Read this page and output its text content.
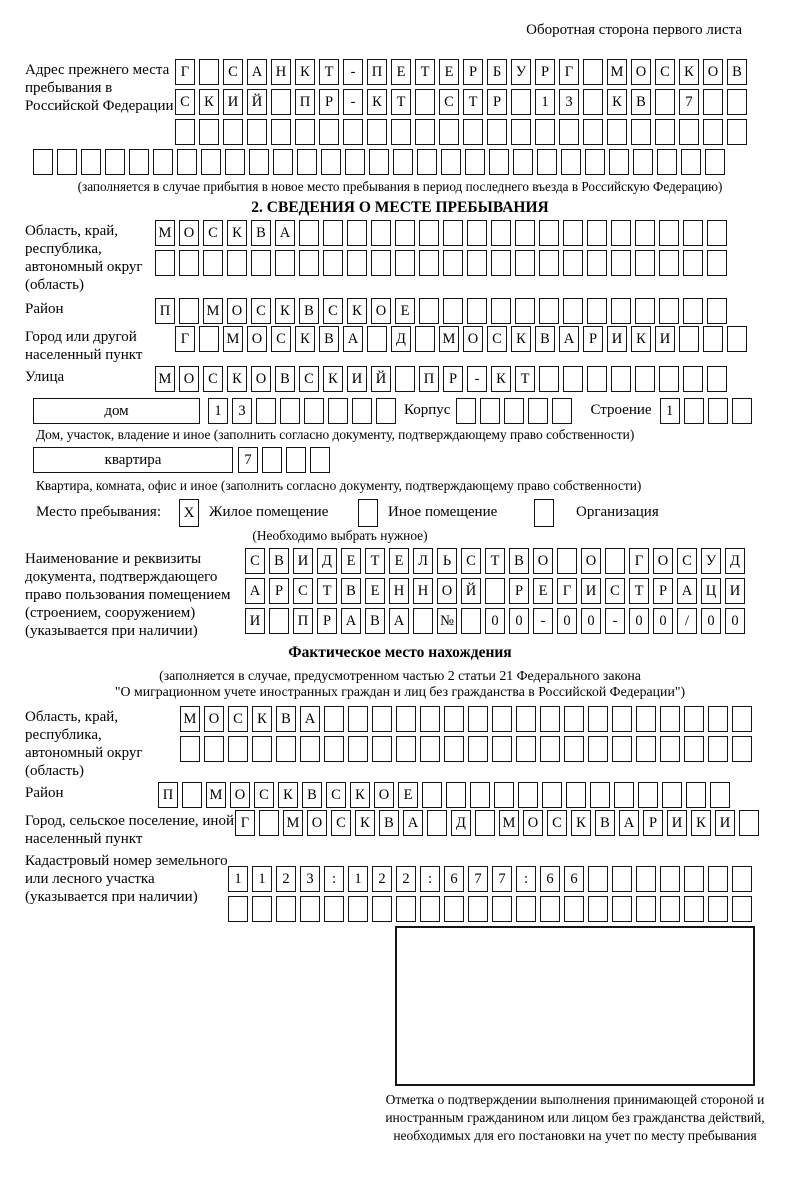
Оборотная сторона первого листа
Адрес прежнего места пребывания в Российской Федерации
Г	С А Н К	Т	-	П Е	Т	Е	Р	Б	У	Р	Г	М О С К О В
С К И Й	П	Р	-	К	Т	С	Т	Р	1	3	К В	7
(заполняется в случае прибытия в новое место пребывания в период последнего въезда в Российскую Федерацию)
2. СВЕДЕНИЯ О МЕСТЕ ПРЕБЫВАНИЯ
Область, край, республика, автономный округ (область)
М О С К В А
Район	П	М О С К В С К О Е
Город или другой населенный пункт
Г	М О С К В А	Д	М О С К В А	Р	И К И
Улица	М О С К О В С К И Й	П	Р	-	К	Т
дом	1	3	Корпус	Строение 1
Дом, участок, владение и иное (заполнить согласно документу, подтверждающему право собственности)
квартира	7
Квартира, комната, офис и иное (заполнить согласно документу, подтверждающему право собственности)
Место пребывания:	X Жилое помещение	Иное помещение	Организация
(Необходимо выбрать нужное)
Наименование и реквизиты документа, подтверждающего право пользования помещением (строением, сооружением) (указывается при наличии)
С В И Д	Е	Т	Е	Л	Ь	С	Т	В О	О	Г	О С У Д
А	Р	С	Т	В	Е Н Н О Й	Р	Е	Г	И С	Т	Р	А Ц И
И	П	Р	А В А	№	0	0	-	0	0	-	0	0	/	0	0
Фактическое место нахождения
(заполняется в случае, предусмотренном частью 2 статьи 21 Федерального закона
"О миграционном учете иностранных граждан и лиц без гражданства в Российской Федерации")
Область, край, республика, автономный округ (область)
М О С К В А
Район	П	М О С К В С К О Е
Город, сельское поселение, иной населенный пункт
Г	М О С К В А	Д	М О С К В А	Р	И К И
Кадастровый номер земельного или лесного участка (указывается при наличии)
1	1	2	3	:	1	2	2	:	6	7	7	:	6	6
Отметка о подтверждении выполнения принимающей стороной и иностранным гражданином или лицом без гражданства действий, необходимых для его постановки на учет по месту пребывания
